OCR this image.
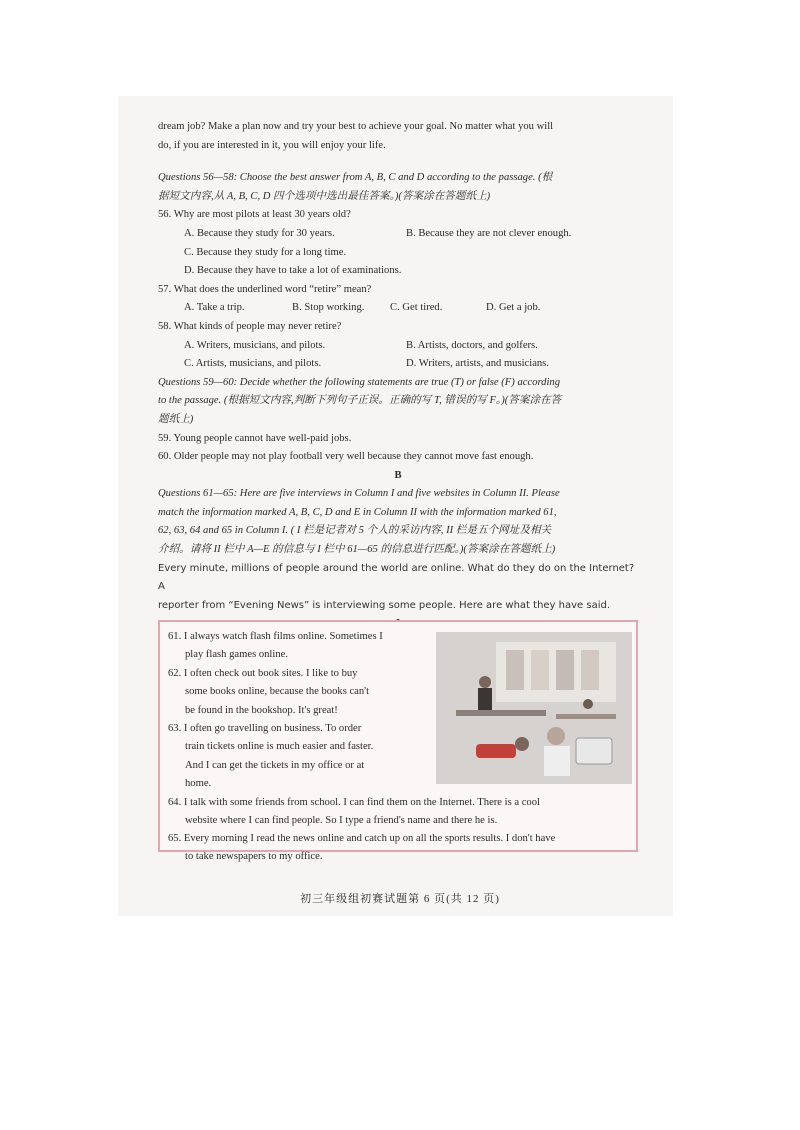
dream job? Make a plan now and try your best to achieve your goal. No matter what you will

do, if you are interested in it, you will enjoy your life.

Questions 56—58: Choose the best answer from A, B, C and D according to the passage. (根

据短文内容,从 A, B, C, D 四个选项中选出最佳答案。)(答案涂在答题纸上)

56. Why are most pilots at least 30 years old?

A. Because they study for 30 years.	B. Because they are not clever enough.
C. Because they study for a long time.
D. Because they have to take a lot of examinations.

57. What does the underlined word “retire” mean?

A. Take a trip.	B. Stop working.	C. Get tired.	D. Get a job.

58. What kinds of people may never retire?

A. Writers, musicians, and pilots.	B. Artists, doctors, and golfers.
C. Artists, musicians, and pilots.	D. Writers, artists, and musicians.

Questions 59—60: Decide whether the following statements are true (T) or false (F) according

to the passage. (根据短文内容,判断下列句子正误。正确的写 T, 错误的写 F。)(答案涂在答

题纸上)

59. Young people cannot have well-paid jobs.

60. Older people may not play football very well because they cannot move fast enough.

B

Questions 61—65: Here are five interviews in Column I and five websites in Column II. Please

match the information marked A, B, C, D and E in Column II with the information marked 61,

62, 63, 64 and 65 in Column I. ( I 栏是记者对 5 个人的采访内容, II 栏是五个网址及相关

介绍。请将 II 栏中 A—E 的信息与 I 栏中 61—65 的信息进行匹配。)(答案涂在答题纸上)

Every minute, millions of people around the world are online. What do they do on the Internet? A

reporter from “Evening News” is interviewing some people. Here are what they have said.

61. I always watch flash films online. Sometimes I
play flash games online.
62. I often check out book sites. I like to buy
some books online, because the books can't
be found in the bookshop. It's great!
63. I often go travelling on business. To order
train tickets online is much easier and faster.
And I can get the tickets in my office or at
home.
64. I talk with some friends from school. I can find them on the Internet. There is a cool
website where I can find people. So I type a friend's name and there he is.
65. Every morning I read the news online and catch up on all the sports results. I don't have
to take newspapers to my office.
初三年级组初赛试题第 6 页(共 12 页)
